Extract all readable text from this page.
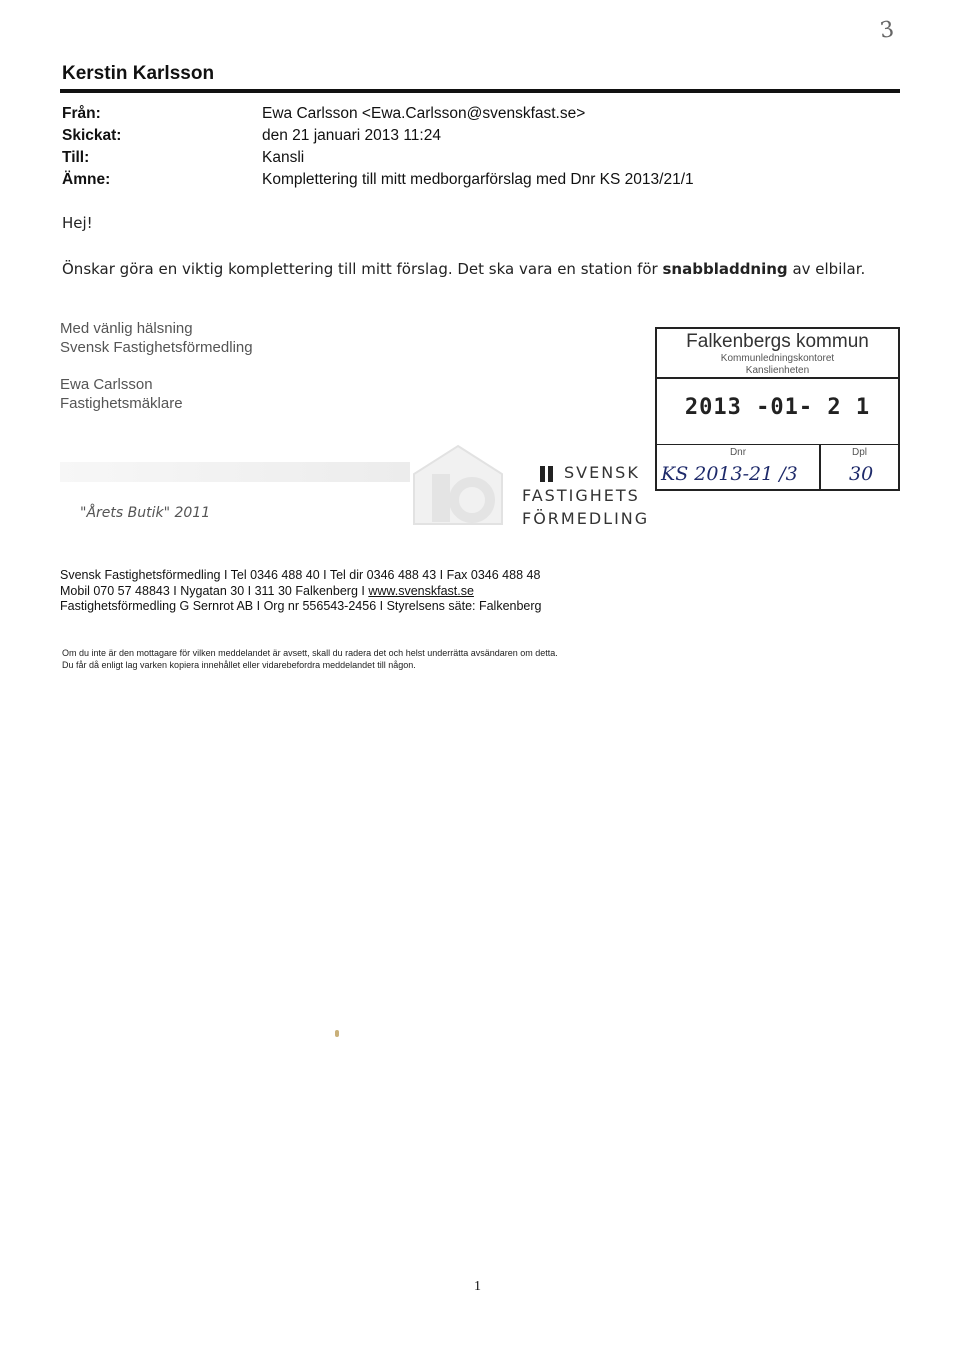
3
Kerstin Karlsson
Från:	Ewa Carlsson <Ewa.Carlsson@svenskfast.se>
Skickat:	den 21 januari 2013 11:24
Till:	Kansli
Ämne:	Komplettering till mitt medborgarförslag med Dnr KS 2013/21/1
Hej!
Önskar göra en viktig komplettering till mitt förslag. Det ska vara en station för snabbladdning av elbilar.
Med vänlig hälsning
Svensk Fastighetsförmedling
Ewa Carlsson
Fastighetsmäklare
Falkenbergs kommun
Kommunledningskontoret
Kanslienheten
2013 -01- 2 1
Dnr	Dpl
KS 2013-21 /3	30
"Årets Butik" 2011
SVENSK
FASTIGHETS
FÖRMEDLING
Svensk Fastighetsförmedling I Tel 0346 488 40 I Tel dir 0346 488 43 I Fax 0346 488 48
Mobil 070 57 48843 I Nygatan 30 I 311 30 Falkenberg I www.svenskfast.se
Fastighetsförmedling G Sernrot AB I Org nr 556543-2456 I Styrelsens säte: Falkenberg
Om du inte är den mottagare för vilken meddelandet är avsett, skall du radera det och helst underrätta avsändaren om detta.
Du får då enligt lag varken kopiera innehållet eller vidarebefordra meddelandet till någon.
1
